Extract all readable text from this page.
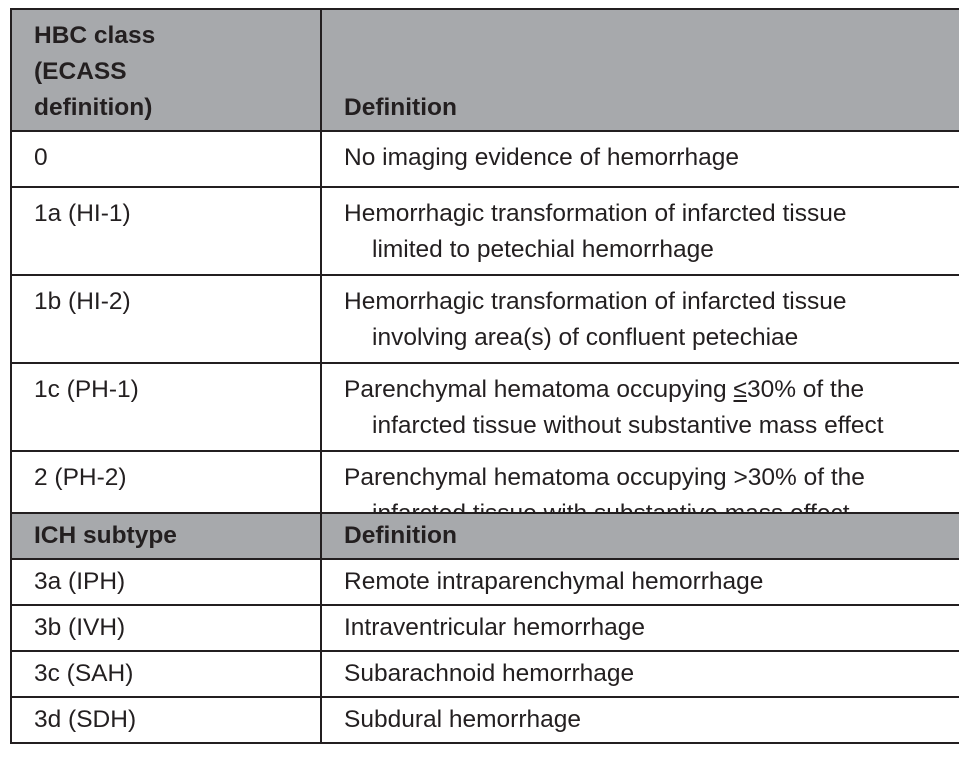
HBC class
(ECASS
definition)	Definition
0	No imaging evidence of hemorrhage
1a (HI-1)	Hemorrhagic transformation of infarcted tissue
limited to petechial hemorrhage

1b (HI-2)	Hemorrhagic transformation of infarcted tissue
involving area(s) of confluent petechiae

1c (PH-1)	Parenchymal hematoma occupying ≤30% of the
infarcted tissue without substantive mass effect

2 (PH-2)	Parenchymal hematoma occupying >30% of the
ICH subtype	Definition
3a (IPH)	Remote intraparenchymal hemorrhage
3b (IVH)	Intraventricular hemorrhage
3c (SAH)	Subarachnoid hemorrhage
3d (SDH)	Subdural hemorrhage
